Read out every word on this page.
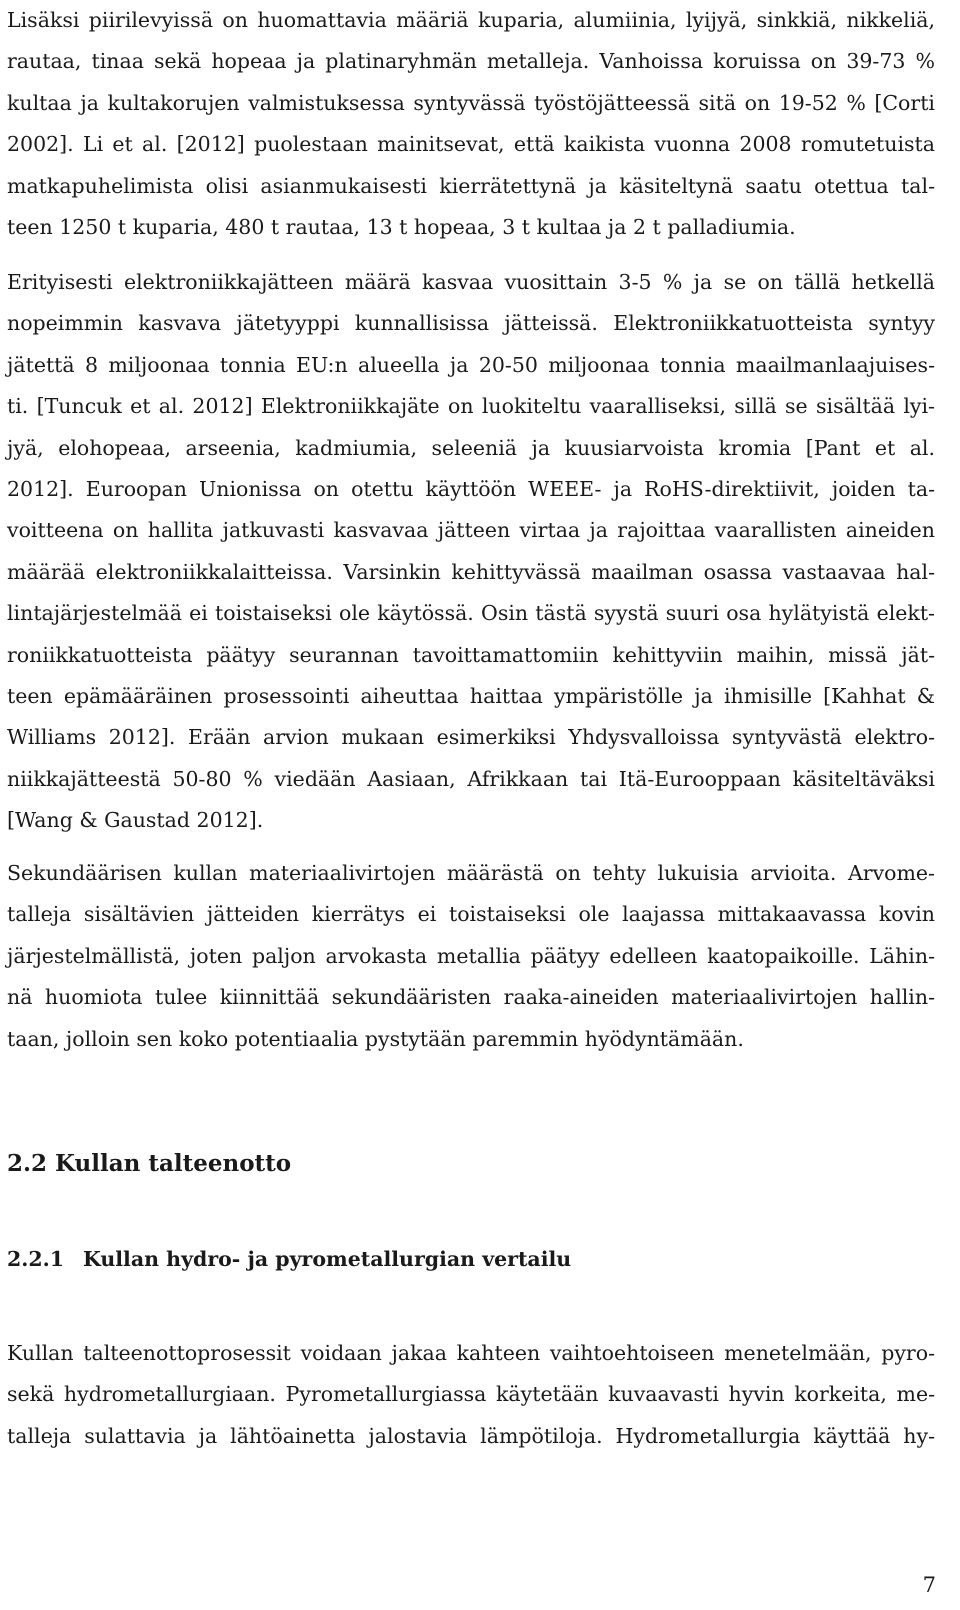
Lisäksi piirilevyissä on huomattavia määriä kuparia, alumiinia, lyijyä, sinkkiä, nikkeliä,
rautaa, tinaa sekä hopeaa ja platinaryhmän metalleja. Vanhoissa koruissa on 39-73 %
kultaa ja kultakorujen valmistuksessa syntyvässä työstöjätteessä sitä on 19-52 % [Corti
2002]. Li et al. [2012] puolestaan mainitsevat, että kaikista vuonna 2008 romutetuista
matkapuhelimista olisi asianmukaisesti kierrätettynä ja käsiteltynä saatu otettua tal-
teen 1250 t kuparia, 480 t rautaa, 13 t hopeaa, 3 t kultaa ja 2 t palladiumia.
Erityisesti elektroniikkajätteen määrä kasvaa vuosittain 3-5 % ja se on tällä hetkellä
nopeimmin kasvava jätetyyppi kunnallisissa jätteissä. Elektroniikkatuotteista syntyy
jätettä 8 miljoonaa tonnia EU:n alueella ja 20-50 miljoonaa tonnia maailmanlaajuises-
ti. [Tuncuk et al. 2012] Elektroniikkajäte on luokiteltu vaaralliseksi, sillä se sisältää lyi-
jyä, elohopeaa, arseenia, kadmiumia, seleeniä ja kuusiarvoista kromia [Pant et al.
2012]. Euroopan Unionissa on otettu käyttöön WEEE- ja RoHS-direktiivit, joiden ta-
voitteena on hallita jatkuvasti kasvavaa jätteen virtaa ja rajoittaa vaarallisten aineiden
määrää elektroniikkalaitteissa. Varsinkin kehittyvässä maailman osassa vastaavaa hal-
lintajärjestelmää ei toistaiseksi ole käytössä. Osin tästä syystä suuri osa hylätyistä elekt-
roniikkatuotteista päätyy seurannan tavoittamattomiin kehittyviin maihin, missä jät-
teen epämääräinen prosessointi aiheuttaa haittaa ympäristölle ja ihmisille [Kahhat &
Williams 2012]. Erään arvion mukaan esimerkiksi Yhdysvalloissa syntyvästä elektro-
niikkajätteestä 50-80 % viedään Aasiaan, Afrikkaan tai Itä-Eurooppaan käsiteltäväksi
[Wang & Gaustad 2012].
Sekundäärisen kullan materiaalivirtojen määrästä on tehty lukuisia arvioita. Arvome-
talleja sisältävien jätteiden kierrätys ei toistaiseksi ole laajassa mittakaavassa kovin
järjestelmällistä, joten paljon arvokasta metallia päätyy edelleen kaatopaikoille. Lähin-
nä huomiota tulee kiinnittää sekundääristen raaka-aineiden materiaalivirtojen hallin-
taan, jolloin sen koko potentiaalia pystytään paremmin hyödyntämään.
2.2 Kullan talteenotto
2.2.1 Kullan hydro- ja pyrometallurgian vertailu
Kullan talteenottoprosessit voidaan jakaa kahteen vaihtoehtoiseen menetelmään, pyro-
sekä hydrometallurgiaan. Pyrometallurgiassa käytetään kuvaavasti hyvin korkeita, me-
talleja sulattavia ja lähtöainetta jalostavia lämpötiloja. Hydrometallurgia käyttää hy-
7
